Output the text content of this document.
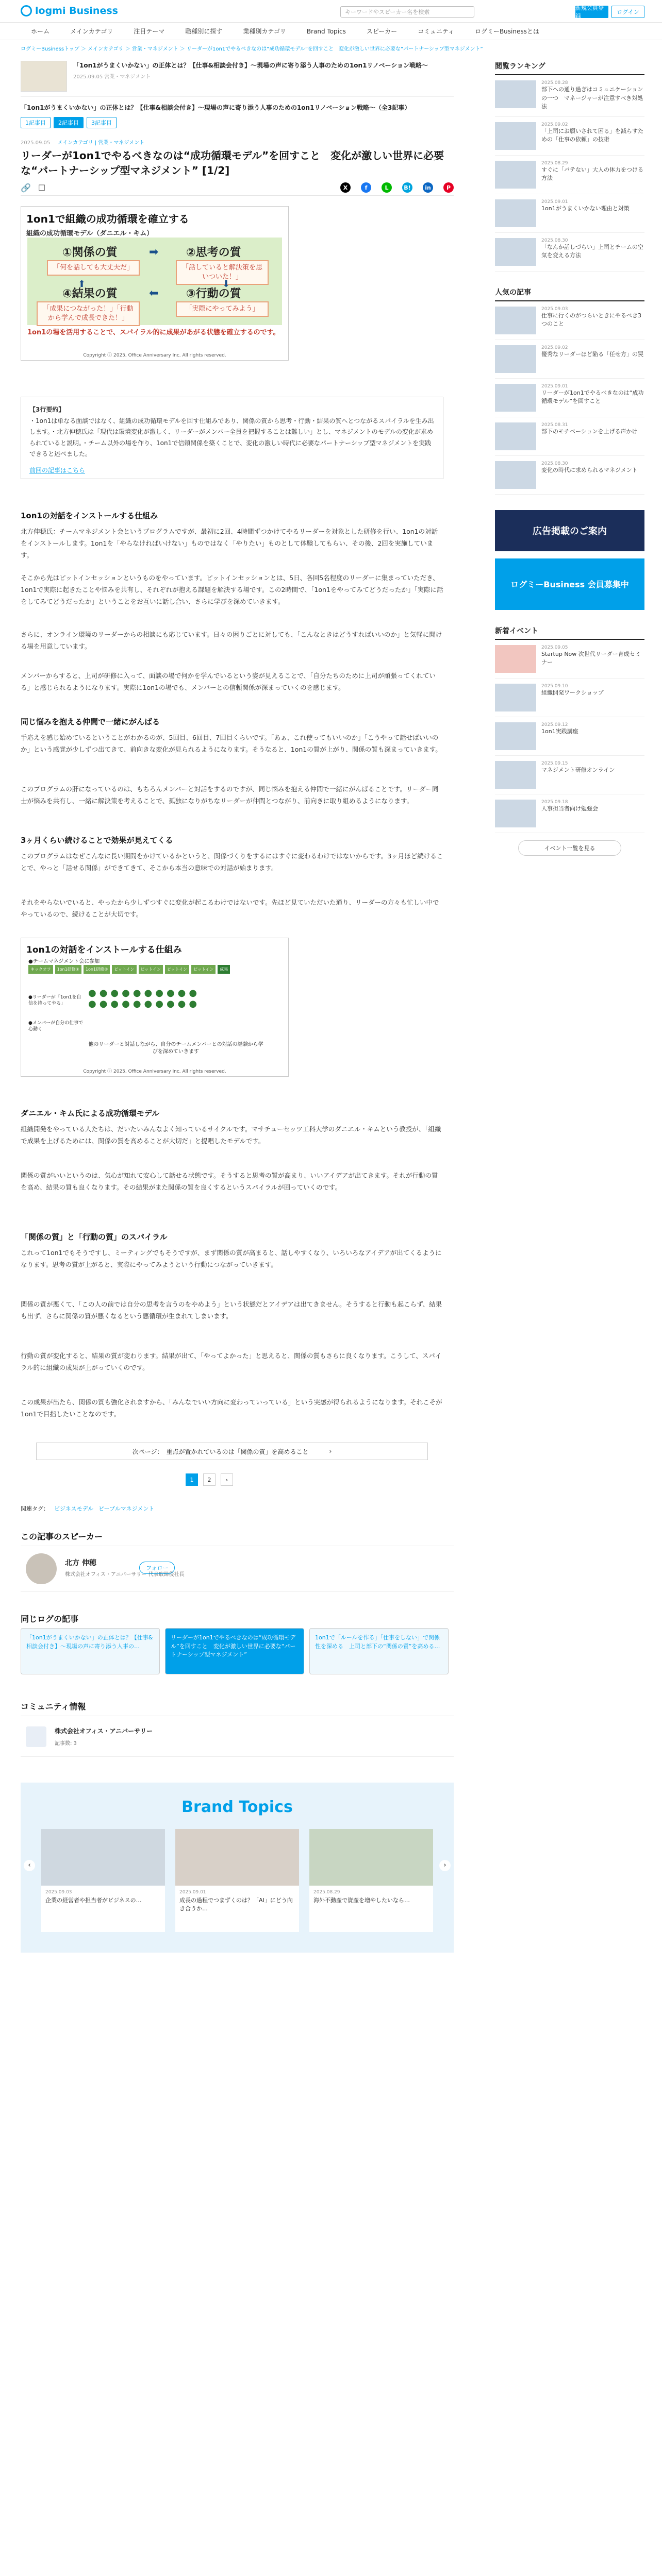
logmi Business	キーワードやスピーカー名を検索
新規会員登録
ログイン
ホーム	メインカテゴリ	注目テーマ	職種別に探す	業種別カテゴリ	Brand Topics	スピーカー	コミュニティ	ログミーBusinessとは
ログミーBusinessトップ ＞ メインカテゴリ ＞ 営業・マネジメント ＞ リーダーが1on1でやるべきなのは“成功循環モデル”を回すこと　変化が激しい世界に必要な“パートナーシップ型マネジメント”
「1on1がうまくいかない」の正体とは？【仕事&相談会付き】〜現場の声に寄り添う人事のための1on1リノベーション戦略〜
2025.09.05 営業・マネジメント
「1on1がうまくいかない」の正体とは？【仕事&相談会付き】〜現場の声に寄り添う人事のための1on1リノベーション戦略〜（全3記事）
1記事目	2記事目	3記事目
2025.09.05 メインカテゴリ | 営業・マネジメント
リーダーが1on1でやるべきなのは“成功循環モデル”を回すこと　変化が激しい世界に必要な“パートナーシップ型マネジメント” [1/2]
🔗 ☐	X	f	L	B!	in	P
1on1で組織の成功循環を確立する
組織の成功循環モデル（ダニエル・キム）
①関係の質	②思考の質
「何を話しても大丈夫だ」	「話していると解決策を思いついた！」
④結果の質	③行動の質
「成果につながった！」「行動から学んで成長できた！」
「実際にやってみよう」
➡
⬇
⬅
⬆
1on1の場を活用することで、スパイラル的に成果があがる状態を確立するのです。
Copyright ⓒ 2025, Office Anniversary Inc. All rights reserved.
【3行要約】
・1on1は単なる面談ではなく、組織の成功循環モデルを回す仕組みであり、関係の質から思考・行動・結果の質へとつながるスパイラルを生み出します。・北方伸穂氏は「現代は環境変化が激しく、リーダーがメンバー全員を把握することは難しい」とし、マネジメントのモデルの変化が求められていると説明。・チーム以外の場を作り、1on1で信頼関係を築くことで、変化の激しい時代に必要なパートナーシップ型マネジメントを実践できると述べました。
前回の記事はこちら
1on1の対話をインストールする仕組み
北方伸穂氏：チームマネジメント会というプログラムですが、最初に2回、4時間ずつかけてやるリーダーを対象とした研修を行い、1on1の対話をインストールします。1on1を「やらなければいけない」ものではなく「やりたい」ものとして体験してもらい、その後、2回を実施しています。
そこから先はピットインセッションというものをやっています。ピットインセッションとは、5日、各回5名程度のリーダーに集まっていただき、1on1で実際に起きたことや悩みを共有し、それぞれが抱える課題を解決する場です。この2時間で、「1on1をやってみてどうだったか」「実際に話をしてみてどうだったか」ということをお互いに話し合い、さらに学びを深めていきます。
さらに、オンライン環境のリーダーからの相談にも応じています。日々の困りごとに対しても、「こんなときはどうすればいいのか」と気軽に聞ける場を用意しています。
メンバーからすると、上司が研修に入って、面談の場で何かを学んでいるという姿が見えることで、「自分たちのために上司が頑張ってくれている」と感じられるようになります。実際に1on1の場でも、メンバーとの信頼関係が深まっていくのを感じます。
同じ悩みを抱える仲間で一緒にがんばる
手応えを感じ始めているということがわかるのが、5回目、6回目、7回目くらいです。「あぁ、これ使ってもいいのか」「こうやって話せばいいのか」という感覚が少しずつ出てきて、前向きな変化が見られるようになります。そうなると、1on1の質が上がり、関係の質も深まっていきます。
このプログラムの肝になっているのは、もちろんメンバーと対話をするのですが、同じ悩みを抱える仲間で一緒にがんばることです。リーダー同士が悩みを共有し、一緒に解決策を考えることで、孤独になりがちなリーダーが仲間とつながり、前向きに取り組めるようになります。
3ヶ月くらい続けることで効果が見えてくる
このプログラムはなぜこんなに長い期間をかけているかというと、関係づくりをするにはすぐに変わるわけではないからです。3ヶ月ほど続けることで、やっと「話せる関係」ができてきて、そこから本当の意味での対話が始まります。
それをやらないでいると、やったから少しずつすぐに変化が起こるわけではないです。先ほど見ていただいた通り、リーダーの方々も忙しい中でやっているので、続けることが大切です。
1on1の対話をインストールする仕組み
●チームマネジメント会に参加
キックオフ	1on1研修①	1on1研修②	ピットイン	ピットイン	ピットイン	ピットイン	成果
●リーダーが「1on1を自信を持ってやる」
●メンバーが自分の仕事で心動く
●●●●●●●●●●
●●●●●●●●●●
他のリーダーと対話しながら、自分のチームメンバーとの対話の経験から学びを深めていきます
Copyright ⓒ 2025, Office Anniversary Inc. All rights reserved.
ダニエル・キム氏による成功循環モデル
組織開発をやっている人たちは、だいたいみんなよく知っているサイクルです。マサチューセッツ工科大学のダニエル・キムという教授が、「組織で成果を上げるためには、関係の質を高めることが大切だ」と提唱したモデルです。
関係の質がいいというのは、気心が知れて安心して話せる状態です。そうすると思考の質が高まり、いいアイデアが出てきます。それが行動の質を高め、結果の質も良くなります。その結果がまた関係の質を良くするというスパイラルが回っていくのです。
「関係の質」と「行動の質」のスパイラル
これって1on1でもそうですし、ミーティングでもそうですが、まず関係の質が高まると、話しやすくなり、いろいろなアイデアが出てくるようになります。思考の質が上がると、実際にやってみようという行動につながっていきます。
関係の質が悪くて、「この人の前では自分の思考を言うのをやめよう」という状態だとアイデアは出てきません。そうすると行動も起こらず、結果も出ず、さらに関係の質が悪くなるという悪循環が生まれてしまいます。
行動の質が変化すると、結果の質が変わります。結果が出て、「やってよかった」と思えると、関係の質もさらに良くなります。こうして、スパイラル的に組織の成果が上がっていくのです。
この成果が出たら、関係の質も強化されますから、「みんなでいい方向に変わっていっている」という実感が得られるようになります。それこそが1on1で目指したいことなのです。
次ページ：　重点が置かれているのは「関係の質」を高めること	›
1	2	›
関連タグ： ビジネスモデル ピープルマネジメント
この記事のスピーカー
北方 伸穂
株式会社オフィス・アニバーサリー 代表取締役社長
フォロー
同じログの記事
「1on1がうまくいかない」の正体とは？【仕事&相談会付き】〜現場の声に寄り添う人事の…
リーダーが1on1でやるべきなのは“成功循環モデル”を回すこと　変化が激しい世界に必要な“パートナーシップ型マネジメント”
1on1で「ルールを作る」「仕事をしない」で関係性を深める　上司と部下の“関係の質”を高める…
コミュニティ情報
株式会社オフィス・アニバーサリー
記事数: 3
Brand Topics
‹	›
2025.09.03
企業の経営者や担当者がビジネスの…
2025.09.01
成長の過程でつまずくのは？「AI」にどう向き合うか…
2025.08.29
海外不動産で資産を増やしたいなら…
閲覧ランキング
2025.08.28
部下への通り過ぎはコミュニケーションの一つ　マネージャーが注意すべき対処法
2025.09.02
「上司にお願いされて困る」を減らすための「仕事の依頼」の技術
2025.08.29
すぐに「バテない」大人の体力をつける方法
2025.09.01
1on1がうまくいかない理由と対策
2025.08.30
「なんか話しづらい」上司とチームの空気を変える方法
人気の記事
2025.09.03
仕事に行くのがつらいときにやるべき3つのこと
2025.09.02
優秀なリーダーほど陥る「任せ方」の罠
2025.09.01
リーダーが1on1でやるべきなのは“成功循環モデル”を回すこと
2025.08.31
部下のモチベーションを上げる声かけ
2025.08.30
変化の時代に求められるマネジメント
広告掲載のご案内
ログミーBusiness 会員募集中
新着イベント
2025.09.05
Startup Now 次世代リーダー育成セミナー
2025.09.10
組織開発ワークショップ
2025.09.12
1on1実践講座
2025.09.15
マネジメント研修オンライン
2025.09.18
人事担当者向け勉強会
イベント一覧を見る
